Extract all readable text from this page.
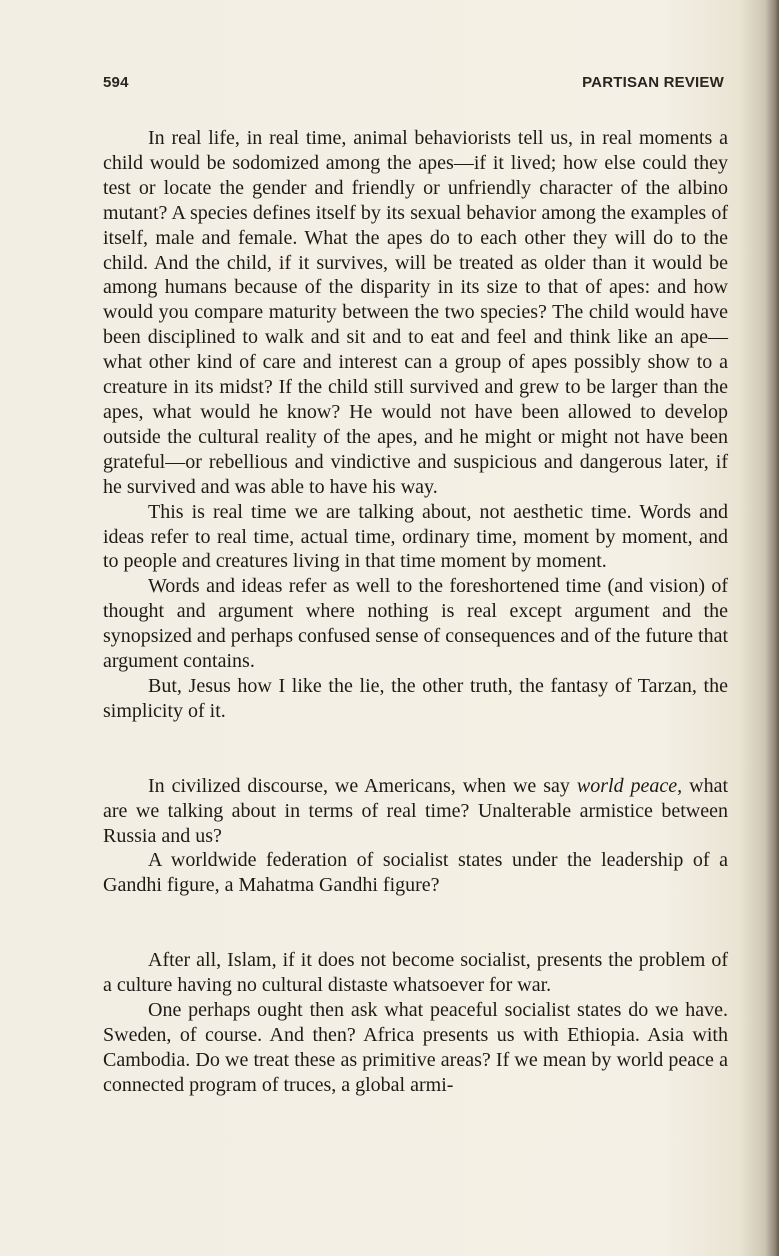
594	PARTISAN REVIEW

In real life, in real time, animal behaviorists tell us, in real moments a child would be sodomized among the apes—if it lived; how else could they test or locate the gender and friendly or unfriendly character of the albino mutant? A species defines itself by its sexual behavior among the examples of itself, male and female. What the apes do to each other they will do to the child. And the child, if it survives, will be treated as older than it would be among humans because of the disparity in its size to that of apes: and how would you compare maturity between the two species? The child would have been disciplined to walk and sit and to eat and feel and think like an ape—what other kind of care and interest can a group of apes possibly show to a creature in its midst? If the child still survived and grew to be larger than the apes, what would he know? He would not have been allowed to develop outside the cultural reality of the apes, and he might or might not have been grateful—or rebellious and vindictive and suspicious and dangerous later, if he survived and was able to have his way.

This is real time we are talking about, not aesthetic time. Words and ideas refer to real time, actual time, ordinary time, moment by moment, and to people and creatures living in that time moment by moment.

Words and ideas refer as well to the foreshortened time (and vision) of thought and argument where nothing is real except argument and the synopsized and perhaps confused sense of consequences and of the future that argument contains.

But, Jesus how I like the lie, the other truth, the fantasy of Tarzan, the simplicity of it.

In civilized discourse, we Americans, when we say world peace, what are we talking about in terms of real time? Unalterable armistice between Russia and us?

A worldwide federation of socialist states under the leadership of a Gandhi figure, a Mahatma Gandhi figure?

After all, Islam, if it does not become socialist, presents the problem of a culture having no cultural distaste whatsoever for war.

One perhaps ought then ask what peaceful socialist states do we have. Sweden, of course. And then? Africa presents us with Ethiopia. Asia with Cambodia. Do we treat these as primitive areas? If we mean by world peace a connected program of truces, a global armi-
